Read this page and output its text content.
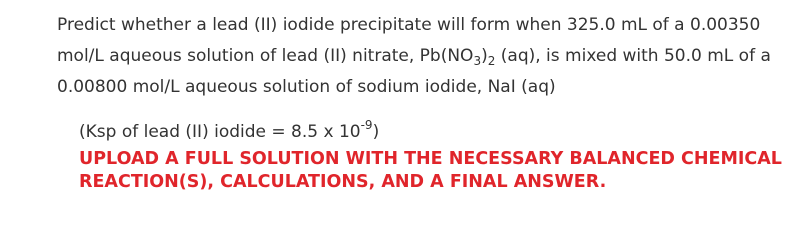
Predict whether a lead (II) iodide precipitate will form when 325.0 mL of a 0.00350 mol/L aqueous solution of lead (II) nitrate, $Pb(NO_3)_2$ (aq), is mixed with 50.0 mL of a 0.00800 mol/L aqueous solution of sodium iodide, NaI (aq)
(Ksp of lead (II) iodide = 8.5 x $10^{-9}$)
UPLOAD A FULL SOLUTION WITH THE NECESSARY BALANCED CHEMICAL REACTION(S), CALCULATIONS, AND A FINAL ANSWER.
